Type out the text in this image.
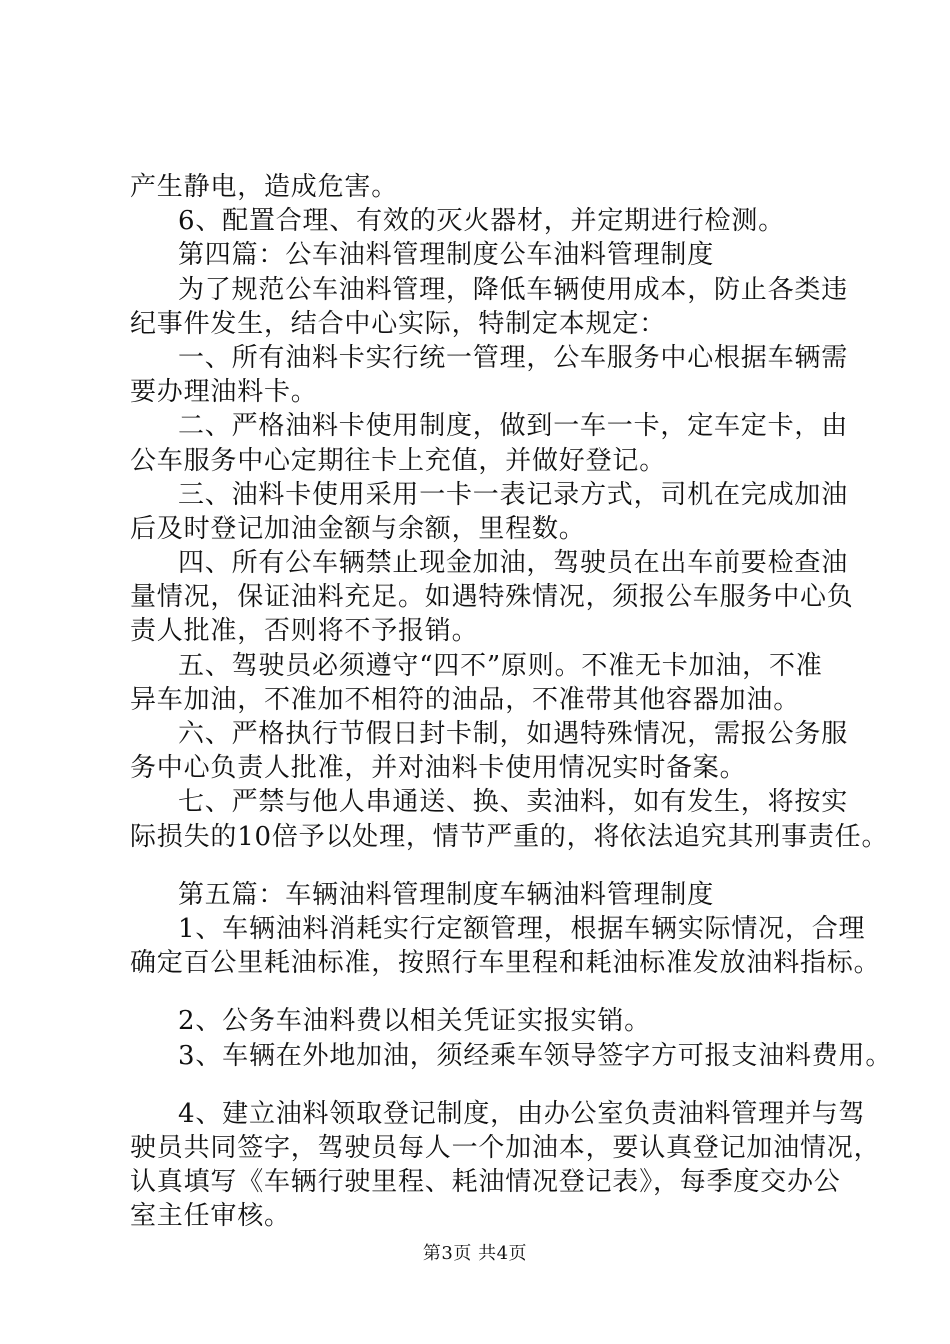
产生静电，造成危害。
6、配置合理、有效的灭火器材，并定期进行检测。
第四篇：公车油料管理制度公车油料管理制度
为了规范公车油料管理，降低车辆使用成本，防止各类违
纪事件发生，结合中心实际，特制定本规定：
一、所有油料卡实行统一管理，公车服务中心根据车辆需
要办理油料卡。
二、严格油料卡使用制度，做到一车一卡，定车定卡，由
公车服务中心定期往卡上充值，并做好登记。
三、油料卡使用采用一卡一表记录方式，司机在完成加油
后及时登记加油金额与余额，里程数。
四、所有公车辆禁止现金加油，驾驶员在出车前要检查油
量情况，保证油料充足。如遇特殊情况，须报公车服务中心负
责人批准，否则将不予报销。
五、驾驶员必须遵守“四不”原则。不准无卡加油，不准
异车加油，不准加不相符的油品，不准带其他容器加油。
六、严格执行节假日封卡制，如遇特殊情况，需报公务服
务中心负责人批准，并对油料卡使用情况实时备案。
七、严禁与他人串通送、换、卖油料，如有发生，将按实
际损失的10倍予以处理，情节严重的，将依法追究其刑事责任。
第五篇：车辆油料管理制度车辆油料管理制度
1、车辆油料消耗实行定额管理，根据车辆实际情况，合理
确定百公里耗油标准，按照行车里程和耗油标准发放油料指标。
2、公务车油料费以相关凭证实报实销。
3、车辆在外地加油，须经乘车领导签字方可报支油料费用。
4、建立油料领取登记制度，由办公室负责油料管理并与驾
驶员共同签字，驾驶员每人一个加油本，要认真登记加油情况，
认真填写《车辆行驶里程、耗油情况登记表》，每季度交办公
室主任审核。
第3页 共4页
